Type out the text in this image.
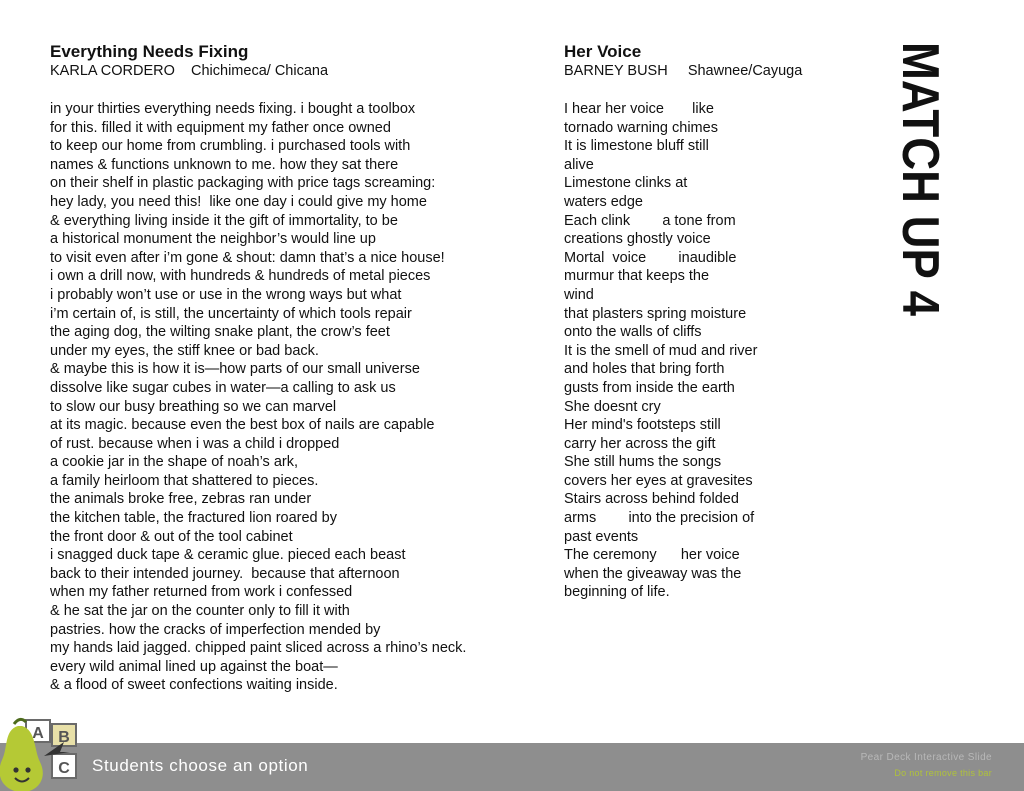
Everything Needs Fixing

KARLA CORDERO    Chichimeca/ Chicana

in your thirties everything needs fixing. i bought a toolbox
for this. filled it with equipment my father once owned
to keep our home from crumbling. i purchased tools with
names & functions unknown to me. how they sat there
on their shelf in plastic packaging with price tags screaming:
hey lady, you need this!  like one day i could give my home
& everything living inside it the gift of immortality, to be
a historical monument the neighbor’s would line up
to visit even after i’m gone & shout: damn that’s a nice house!
i own a drill now, with hundreds & hundreds of metal pieces
i probably won’t use or use in the wrong ways but what
i’m certain of, is still, the uncertainty of which tools repair
the aging dog, the wilting snake plant, the crow’s feet
under my eyes, the stiff knee or bad back.
& maybe this is how it is—how parts of our small universe
dissolve like sugar cubes in water—a calling to ask us
to slow our busy breathing so we can marvel
at its magic. because even the best box of nails are capable
of rust. because when i was a child i dropped
a cookie jar in the shape of noah’s ark,
a family heirloom that shattered to pieces.
the animals broke free, zebras ran under
the kitchen table, the fractured lion roared by
the front door & out of the tool cabinet
i snagged duck tape & ceramic glue. pieced each beast
back to their intended journey.  because that afternoon
when my father returned from work i confessed
& he sat the jar on the counter only to fill it with
pastries. how the cracks of imperfection mended by
my hands laid jagged. chipped paint sliced across a rhino’s neck.
every wild animal lined up against the boat—
& a flood of sweet confections waiting inside.

Her Voice

BARNEY BUSH     Shawnee/Cayuga

I hear her voice       like
tornado warning chimes
It is limestone bluff still
alive
Limestone clinks at
waters edge
Each clink        a tone from
creations ghostly voice
Mortal  voice        inaudible
murmur that keeps the
wind
that plasters spring moisture
onto the walls of cliffs
It is the smell of mud and river
and holes that bring forth
gusts from inside the earth
She doesnt cry
Her mind's footsteps still
carry her across the gift
She still hums the songs
covers her eyes at gravesites
Stairs across behind folded
arms        into the precision of
past events
The ceremony      her voice
when the giveaway was the
beginning of life.
MATCH UP 4
Students choose an option	Pear Deck Interactive Slide
Do not remove this bar
A B
C
